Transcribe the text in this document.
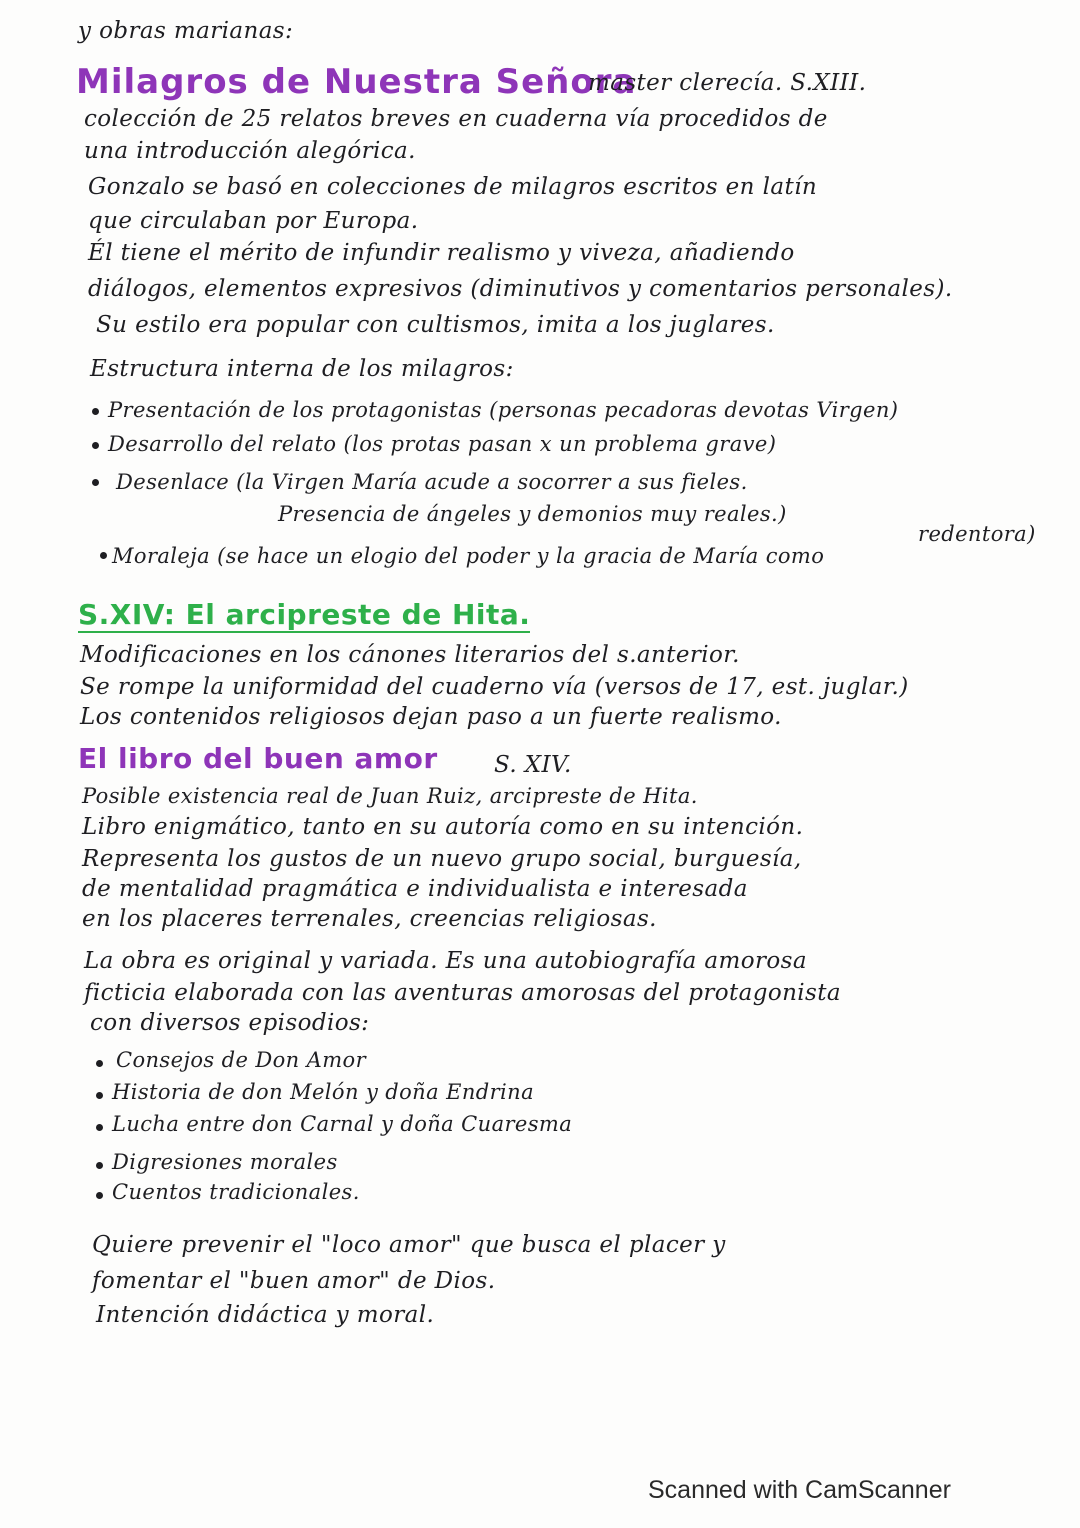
y obras marianas:
Milagros de Nuestra Señora
master clerecía. S.XIII.
colección de 25 relatos breves en cuaderna vía procedidos de
una introducción alegórica.
Gonzalo se basó en colecciones de milagros escritos en latín
que circulaban por Europa.
Él tiene el mérito de infundir realismo y viveza, añadiendo
diálogos, elementos expresivos (diminutivos y comentarios personales).
Su estilo era popular con cultismos, imita a los juglares.
Estructura interna de los milagros:
Presentación de los protagonistas (personas pecadoras devotas Virgen)
Desarrollo del relato (los protas pasan x un problema grave)
Desenlace (la Virgen María acude a socorrer a sus fieles.
Presencia de ángeles y demonios muy reales.)
redentora)
Moraleja (se hace un elogio del poder y la gracia de María como
S.XIV: El arcipreste de Hita.
Modificaciones en los cánones literarios del s.anterior.
Se rompe la uniformidad del cuaderno vía (versos de 17, est. juglar.)
Los contenidos religiosos dejan paso a un fuerte realismo.
El libro del buen amor S. XIV.
Posible existencia real de Juan Ruiz, arcipreste de Hita.
Libro enigmático, tanto en su autoría como en su intención.
Representa los gustos de un nuevo grupo social, burguesía,
de mentalidad pragmática e individualista e interesada
en los placeres terrenales, creencias religiosas.
La obra es original y variada. Es una autobiografía amorosa
ficticia elaborada con las aventuras amorosas del protagonista
con diversos episodios:
Consejos de Don Amor
Historia de don Melón y doña Endrina
Lucha entre don Carnal y doña Cuaresma
Digresiones morales
Cuentos tradicionales.
Quiere prevenir el "loco amor" que busca el placer y
fomentar el "buen amor" de Dios.
Intención didáctica y moral.
Scanned with CamScanner
